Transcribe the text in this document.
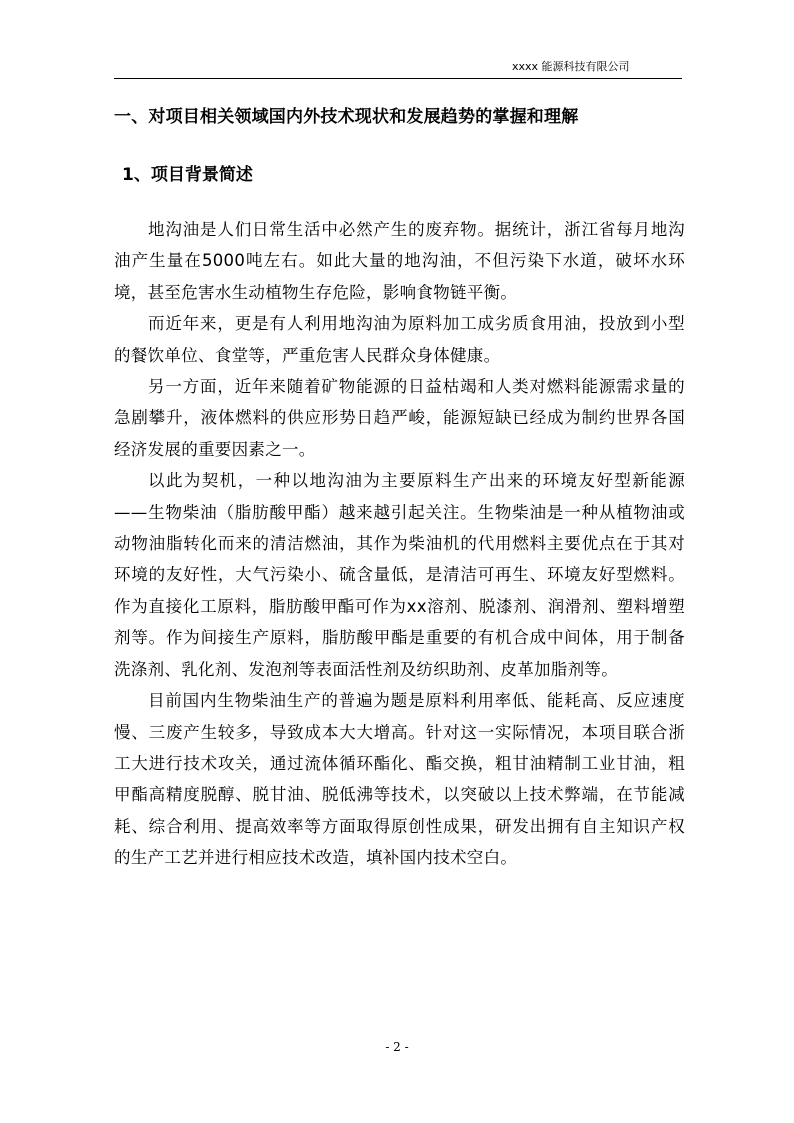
xxxx 能源科技有限公司
一、对项目相关领域国内外技术现状和发展趋势的掌握和理解
1、项目背景简述

地沟油是人们日常生活中必然产生的废弃物。据统计，浙江省每月地沟油产生量在5000吨左右。如此大量的地沟油，不但污染下水道，破坏水环境，甚至危害水生动植物生存危险，影响食物链平衡。

而近年来，更是有人利用地沟油为原料加工成劣质食用油，投放到小型的餐饮单位、食堂等，严重危害人民群众身体健康。

另一方面，近年来随着矿物能源的日益枯竭和人类对燃料能源需求量的急剧攀升，液体燃料的供应形势日趋严峻，能源短缺已经成为制约世界各国经济发展的重要因素之一。

以此为契机，一种以地沟油为主要原料生产出来的环境友好型新能源——生物柴油（脂肪酸甲酯）越来越引起关注。生物柴油是一种从植物油或动物油脂转化而来的清洁燃油，其作为柴油机的代用燃料主要优点在于其对环境的友好性，大气污染小、硫含量低，是清洁可再生、环境友好型燃料。作为直接化工原料，脂肪酸甲酯可作为xx溶剂、脱漆剂、润滑剂、塑料增塑剂等。作为间接生产原料，脂肪酸甲酯是重要的有机合成中间体，用于制备洗涤剂、乳化剂、发泡剂等表面活性剂及纺织助剂、皮革加脂剂等。

目前国内生物柴油生产的普遍为题是原料利用率低、能耗高、反应速度慢、三废产生较多，导致成本大大增高。针对这一实际情况，本项目联合浙工大进行技术攻关，通过流体循环酯化、酯交换，粗甘油精制工业甘油，粗甲酯高精度脱醇、脱甘油、脱低沸等技术，以突破以上技术弊端，在节能减耗、综合利用、提高效率等方面取得原创性成果，研发出拥有自主知识产权的生产工艺并进行相应技术改造，填补国内技术空白。

- 2 -
